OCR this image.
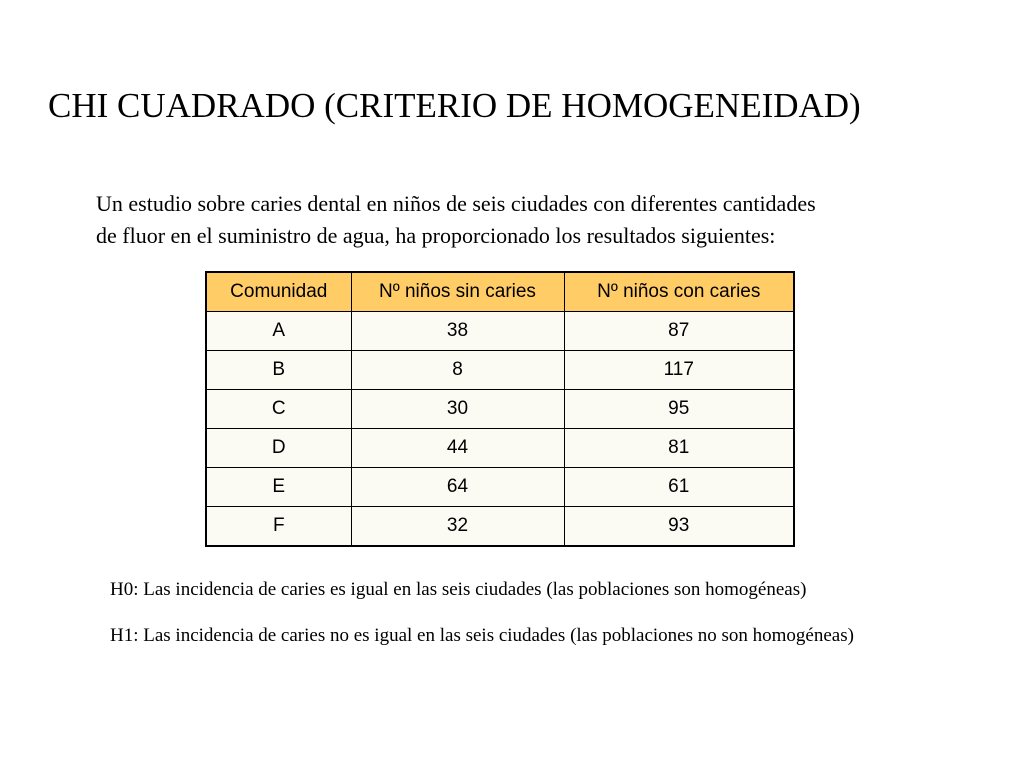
CHI CUADRADO (CRITERIO DE HOMOGENEIDAD)
Un estudio sobre caries dental en niños de seis ciudades con diferentes cantidades
de fluor en el suministro de agua, ha proporcionado los resultados siguientes:
Comunidad	Nº niños sin caries	Nº niños con caries
A	38	87
B	8	117
C	30	95
D	44	81
E	64	61
F	32	93

H0: Las incidencia de caries es igual en las seis ciudades (las poblaciones son homogéneas)

H1: Las incidencia de caries no es igual en las seis ciudades (las poblaciones no son homogéneas)
